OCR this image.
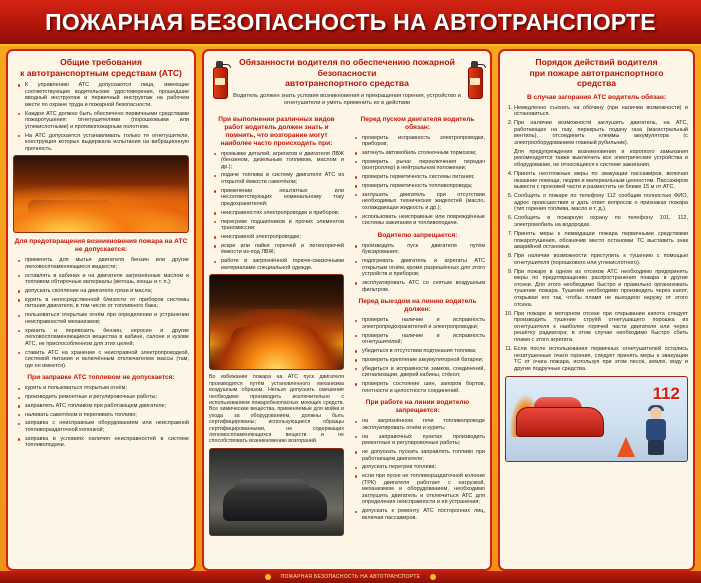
ПОЖАРНАЯ БЕЗОПАСНОСТЬ НА АВТОТРАНСПОРТЕ
Общие требования
к автотранспортным средствам (АТС)
К управлению АТС допускаются лица, имеющие соответствующие водительские удостоверения, прошедшие вводный инструктаж и первичный инструктаж на рабочем месте по охране труда и пожарной безопасности.
Каждое АТС должно быть обеспечено первичными средствами пожаротушения: огнетушителями (порошковыми или углекислотными) и противопожарным полотном.
На АТС допускается устанавливать только те огнетушители, конструкция которых выдержала испытания на вибрационную прочность.
Для предотвращения возникновения пожара на АТС не допускается:
применять для мытья двигателя бензин или другие легковоспламеняющиеся жидкости;
оставлять в кабинах и на двигателе загрязнённые маслом и топливом обтирочные материалы (ветошь, концы и т. п.);
допускать скопление на двигателе грязи и масла;
курить в непосредственной близости от приборов системы питания двигателя, в том числе от топливного бака;
пользоваться открытым огнём при определении и устранении неисправностей механизмов;
хранить и перевозить бензин, керосин и другие легковоспламеняющиеся вещества в кабине, салоне и кузове АТС, не приспособленном для этих целей;
ставить АТС на хранение с неисправной электропроводкой, системой питания и включённым отключателем массы (там, где он имеется).
При заправке АТС топливом не допускается:
курить и пользоваться открытым огнём;
производить ремонтные и регулировочные работы;
заправлять АТС топливом при работающем двигателе;
наливать самотёком и переливать топливо;
заправка с неисправным оборудованием или неисправной топливораздаточной колонкой;
заправка в условиях наличия неисправностей в системе топливоподачи.
Обязанности водителя по обеспечению пожарной безопасности
автотранспортного средства
Водитель должен знать условия возникновения и прекращения горения, устройство и огнетушители и уметь применить их в действии
При выполнении различных видов работ водитель должен знать и помнить, что возгорание могут наиболее часто происходить при:
промывке деталей, агрегатов и двигателя ЛВЖ (бензином, дизельным топливом, маслом и др.);
подаче топлива в систему двигателя АТС из открытой ёмкости самотёком;
применении нештатных или несоответствующих номинальному току предохранителей;
неисправностях электропроводки и приборов;
перегреве подшипников и прочих элементов трансмиссии;
неисправной электропроводке;
искре или пайке горючей и легкогорючей ёмкости из-под ЛВЖ;
работе в загрязнённой горюче-смазочными материалами специальной одежде.

Во избежание пожара на АТС пуск двигателя производится путём установленного механизма воздушным образом. Нельзя допускать смешение необходимо производить исключительно с использованием пожаробезопасных моющих средств. Все химические вещества, применяемые для мойки и ухода за оборудованием, должны быть сертифицированы; использующиеся образцы сертифицированными, не содержащих легковоспламеняющихся веществ и не способствовать возникновению возгораний.

Перед пуском двигателя водитель обязан:
проверить исправность электропроводки, приборов;
затянуть автомобиль стояночным тормозом;
проверить рычаг переключения передач (контроллер) в нейтральном положении;
проверить герметичность системы питания;
проверить герметичность топливопровода;
заглушить двигатель при отсутствии необходимых технических жидкостей (масло, охлаждающая жидкость и др.);
использовать неисправные или повреждённые системы зажигания и топливоподачи.
Водителю запрещается:
производить пуск двигателя путём буксирования;
подогревать двигатель и агрегаты АТС открытым огнём, кроме разрешённых для этого устройств и приборов;
эксплуатировать АТС со снятым воздушным фильтром.
Перед выездом на линию водитель должен:
проверить наличие и исправность электропредохранителей и электропроводки;
проверить наличие и исправность огнетушителей;
убедиться в отсутствии подтекания топлива;
проверить крепление аккумуляторной батареи;
убедиться в исправности замков, соединений, сигнализации, дверей кабины, стёкол;
проверить состояние шин, запоров бортов, плотности и целостности соединений.
При работе на линии водителю запрещается:
на загрязнённом течи топливопроводе эксплуатировать огнём и курить;
на заправочных пунктах производить ремонтные и регулировочные работы;
не допускать пускать заправлять топливо при работающем двигателе;
допускать перегрев топлива;
если при пуске не топливораздаточной колонке (ТРК) двигателя работает с нагрузкой, механизмом и оборудованием, необходимо заглушить двигатель и отключиться АТС для определения неисправности и её устранения;
допускать к ремонту АТС посторонних лиц, включая пассажиров.
Порядок действий водителя
при пожаре автотранспортного
средства
В случае загорания АТС водитель обязан:
1. Немедленно съехать на обочину (при наличии возможности) и остановиться.
2. При наличии возможности заглушить двигатель, на АТС, работающих на газу, перекрыть подачу газа (магистральный вентиль), отсоединить клеммы аккумулятора (с электрооборудованием главный рубильник).
Для предупреждения возникновения и короткого замыкания рекомендуется также выключить все электрические устройства и оборудование, не относящиеся к системе зажигания.
4. Принять неотложные меры по эвакуации пассажиров, включая оказание помощи, людям и материальным ценностям. Пассажиров вывести с проезжей части и разместить не ближе 15 м от АТС.
5. Сообщить о пожаре по телефону 112 сообщив полностью ФИО, адрес происшествия и дать ответ вопросов о признаках пожара (тип горения топлива, масло и т. д.).
6. Сообщить в пожарную охрану по телефону 101, 112, электромобиль на водородах.
7. Принять меры к ликвидации пожара первичными средствами пожаротушения, обозначив место остановки ТС выставить знак аварийной остановки.
8. При наличии возможности приступить к тушению с помощью огнетушителя (порошкового или углекислотного).
9. При пожаре в одном из отсеков АТС необходимо предпринять меры по предотвращению распространения пожара в другие отсеки. Для этого необходимо быстро и правильно организовать тушение пожара. Тушение необходимо производить через капот, открывая его так, чтобы пламя не выходило наружу от этого отсека.
10. При пожаре в моторном отсеке при открывании капота следует производить тушение струёй огнетушащего порошка из огнетушителя к наиболее горячей части двигателя или через решётку радиатора; в этом случае необходимо быстро сбить пламя с этого агрегата.
11. Если после использования первичных огнетушителей остались незатушенные очаги горения, следует принять меры к эвакуации ТС от очага пожара, используя при этом песок, землю, воду и другие подручные средства.
112
ПОЖАРНАЯ БЕЗОПАСНОСТЬ НА АВТОТРАНСПОРТЕ
